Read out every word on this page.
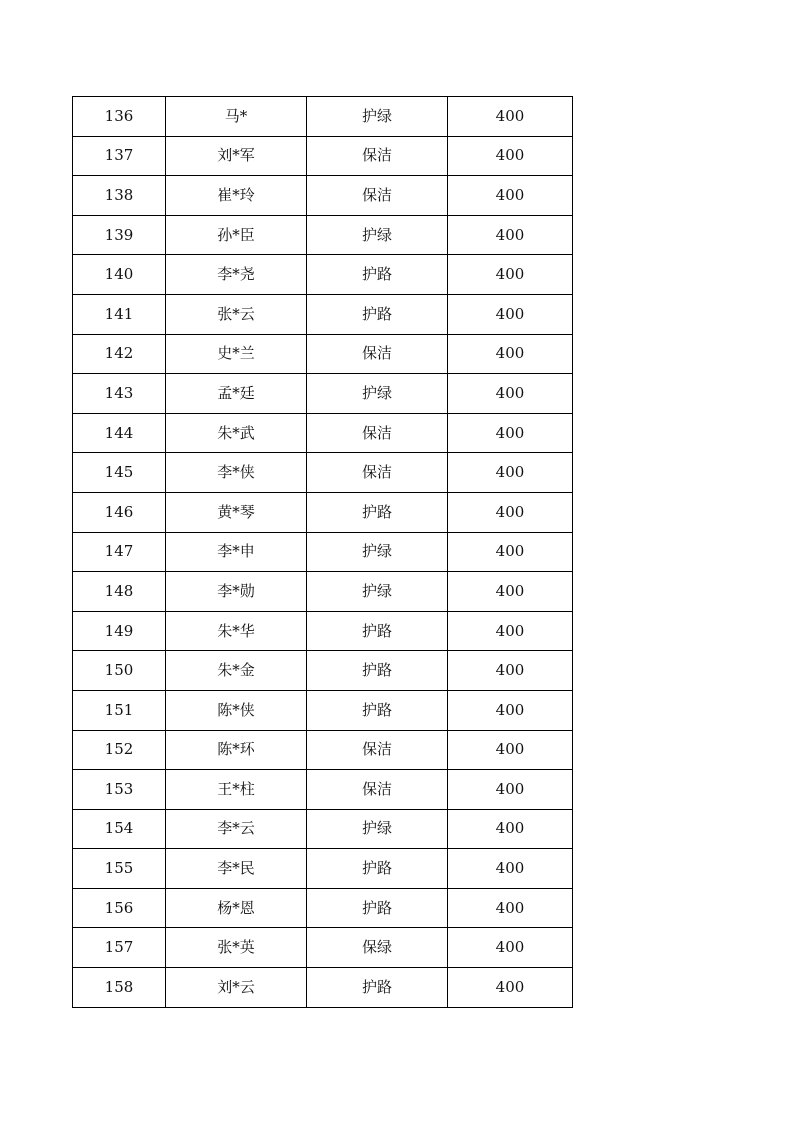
136	马*	护绿	400
137	刘*军	保洁	400
138	崔*玲	保洁	400
139	孙*臣	护绿	400
140	李*尧	护路	400
141	张*云	护路	400
142	史*兰	保洁	400
143	孟*廷	护绿	400
144	朱*武	保洁	400
145	李*侠	保洁	400
146	黄*琴	护路	400
147	李*申	护绿	400
148	李*勋	护绿	400
149	朱*华	护路	400
150	朱*金	护路	400
151	陈*侠	护路	400
152	陈*环	保洁	400
153	王*柱	保洁	400
154	李*云	护绿	400
155	李*民	护路	400
156	杨*恩	护路	400
157	张*英	保绿	400
158	刘*云	护路	400
